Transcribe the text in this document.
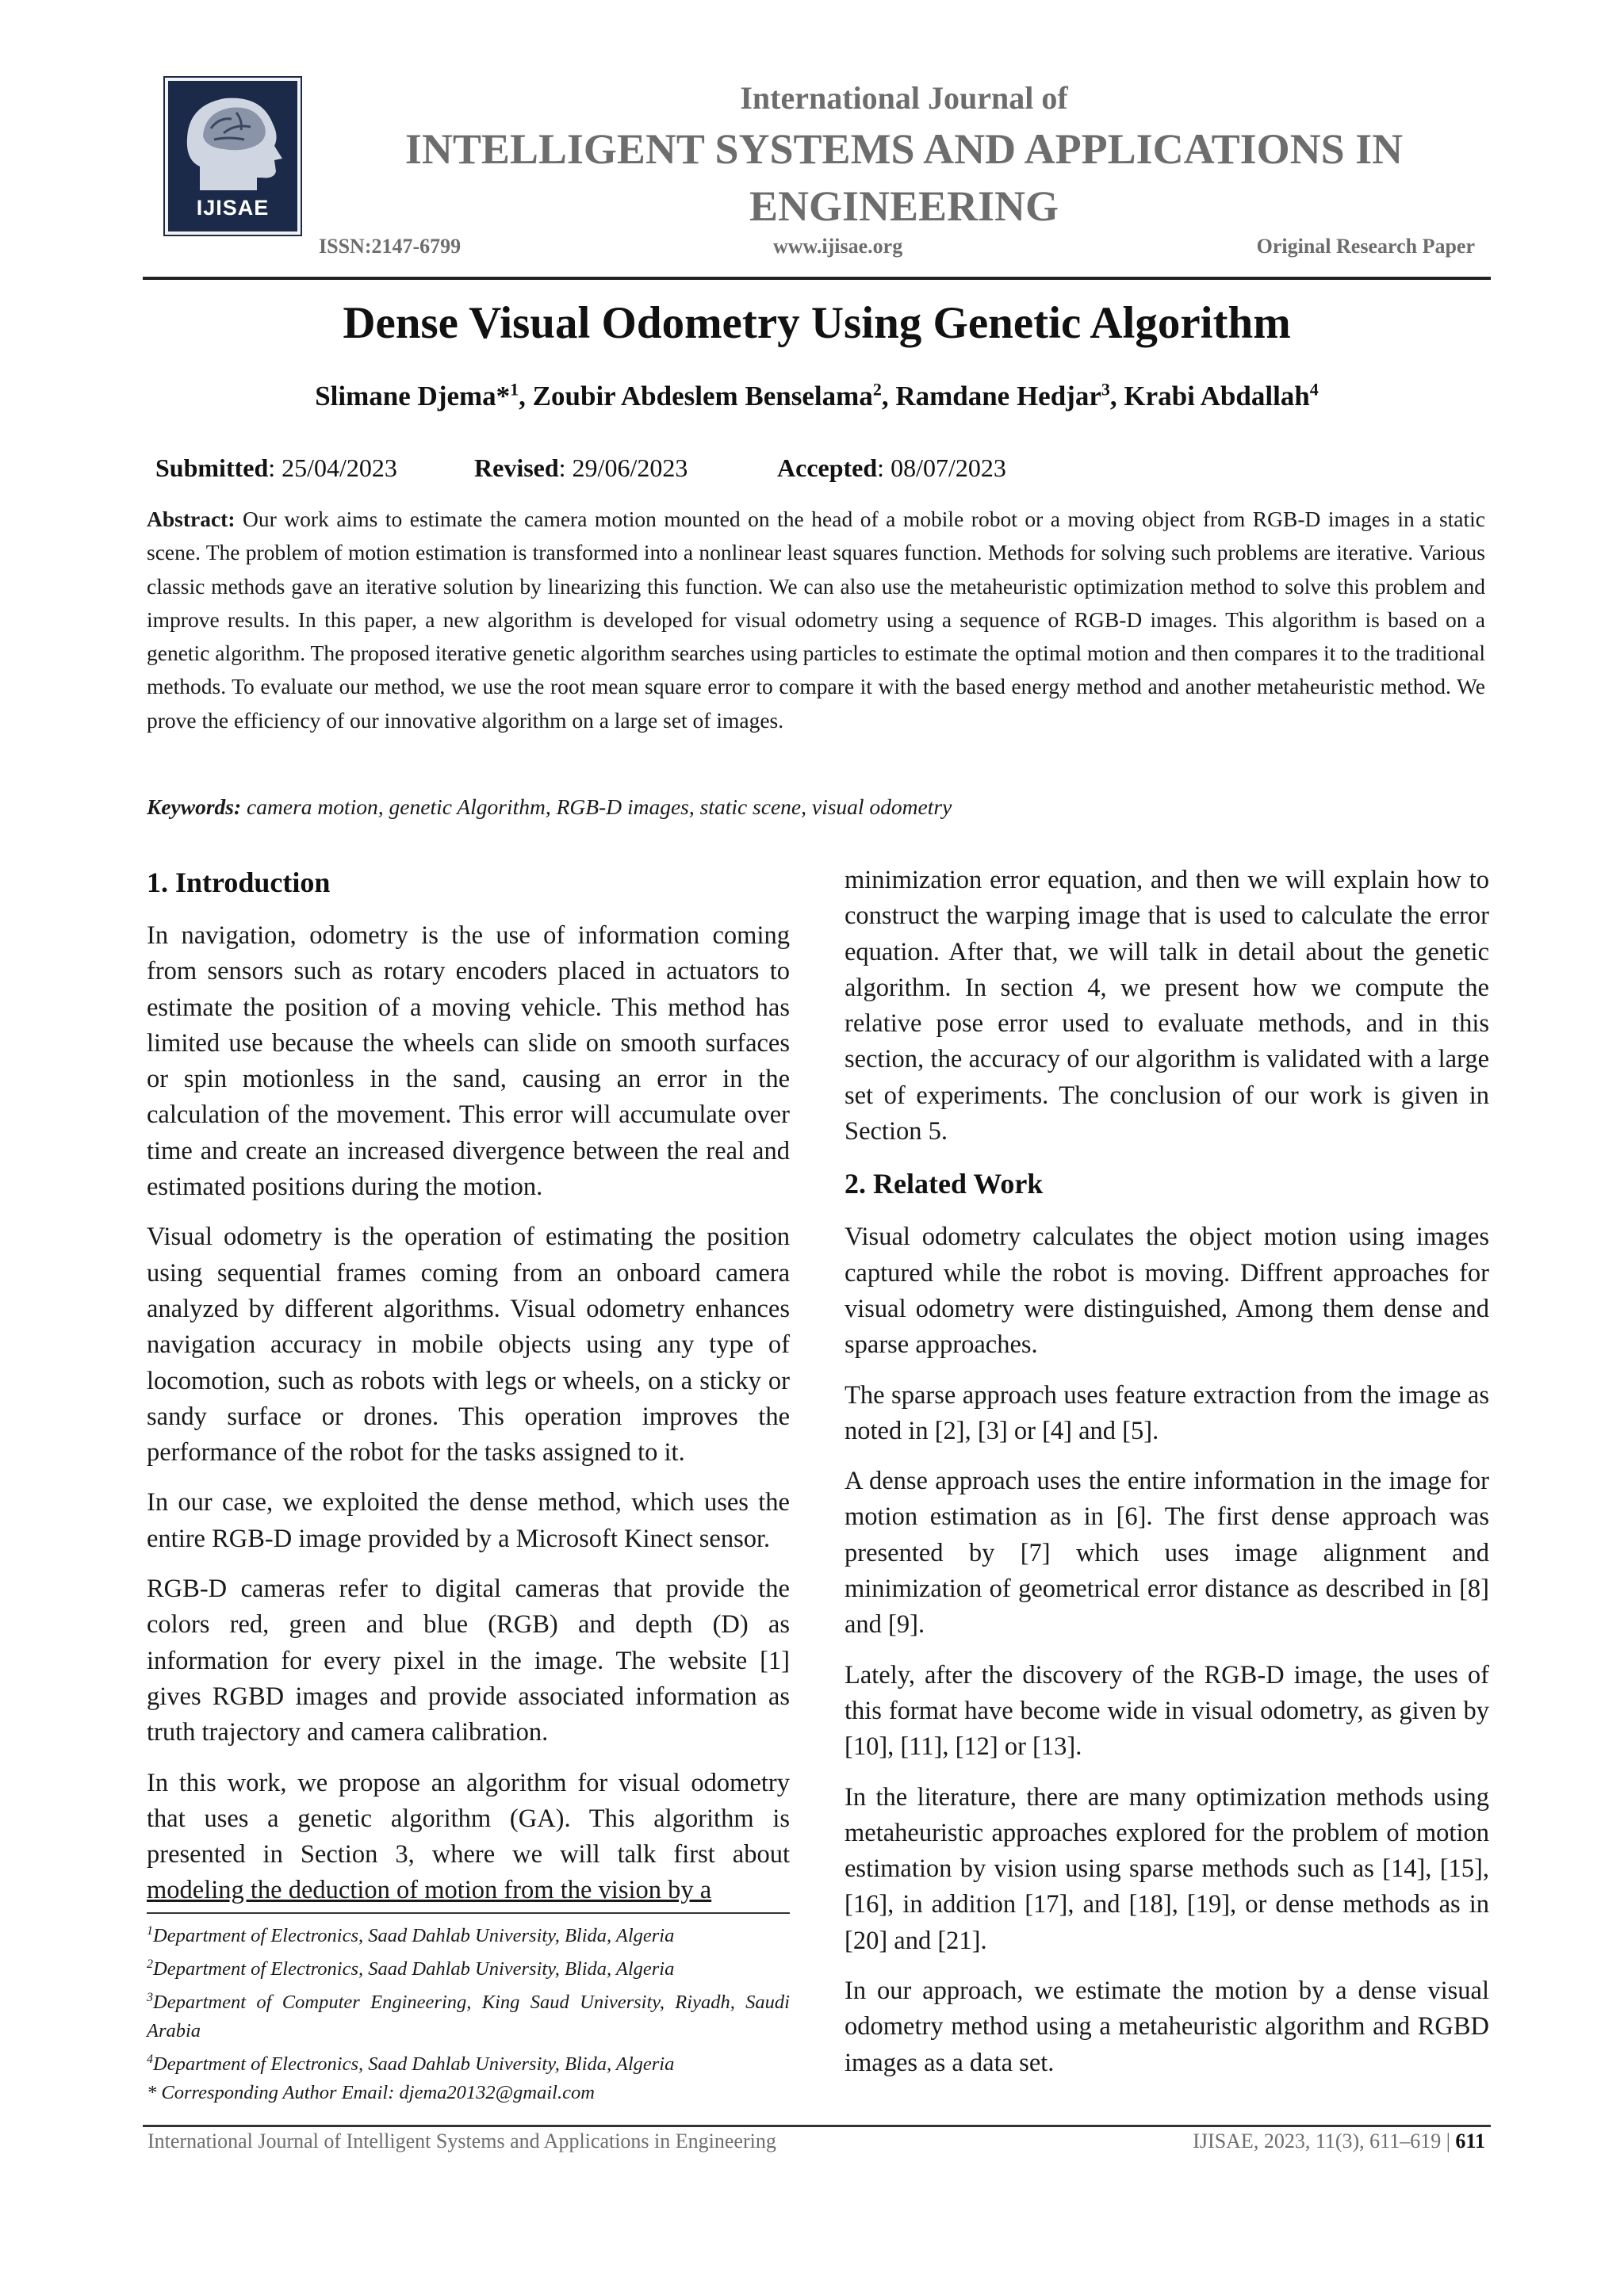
IJISAE
International Journal of
INTELLIGENT SYSTEMS AND APPLICATIONS IN
ENGINEERING
ISSN:2147-6799	www.ijisae.org	Original Research Paper
Dense Visual Odometry Using Genetic Algorithm
Slimane Djema*$^1$, Zoubir Abdeslem Benselama$^2$, Ramdane Hedjar$^3$, Krabi Abdallah$^4$
Submitted: 25/04/2023	Revised: 29/06/2023	Accepted: 08/07/2023
Abstract: Our work aims to estimate the camera motion mounted on the head of a mobile robot or a moving object from RGB-D images in a static scene. The problem of motion estimation is transformed into a nonlinear least squares function. Methods for solving such problems are iterative. Various classic methods gave an iterative solution by linearizing this function. We can also use the metaheuristic optimization method to solve this problem and improve results. In this paper, a new algorithm is developed for visual odometry using a sequence of RGB-D images. This algorithm is based on a genetic algorithm. The proposed iterative genetic algorithm searches using particles to estimate the optimal motion and then compares it to the traditional methods. To evaluate our method, we use the root mean square error to compare it with the based energy method and another metaheuristic method. We prove the efficiency of our innovative algorithm on a large set of images.
Keywords: camera motion, genetic Algorithm, RGB-D images, static scene, visual odometry
1. Introduction

In navigation, odometry is the use of information coming from sensors such as rotary encoders placed in actuators to estimate the position of a moving vehicle. This method has limited use because the wheels can slide on smooth surfaces or spin motionless in the sand, causing an error in the calculation of the movement. This error will accumulate over time and create an increased divergence between the real and estimated positions during the motion.

Visual odometry is the operation of estimating the position using sequential frames coming from an onboard camera analyzed by different algorithms. Visual odometry enhances navigation accuracy in mobile objects using any type of locomotion, such as robots with legs or wheels, on a sticky or sandy surface or drones. This operation improves the performance of the robot for the tasks assigned to it.

In our case, we exploited the dense method, which uses the entire RGB-D image provided by a Microsoft Kinect sensor.

RGB-D cameras refer to digital cameras that provide the colors red, green and blue (RGB) and depth (D) as information for every pixel in the image. The website [1] gives RGBD images and provide associated information as truth trajectory and camera calibration.

In this work, we propose an algorithm for visual odometry that uses a genetic algorithm (GA). This algorithm is presented in Section 3, where we will talk first about modeling the deduction of motion from the vision by a

$^1$Department of Electronics, Saad Dahlab University, Blida, Algeria
$^2$Department of Electronics, Saad Dahlab University, Blida, Algeria
$^3$Department of Computer Engineering, King Saud University, Riyadh, Saudi Arabia
$^4$Department of Electronics, Saad Dahlab University, Blida, Algeria
* Corresponding Author Email: djema20132@gmail.com

minimization error equation, and then we will explain how to construct the warping image that is used to calculate the error equation. After that, we will talk in detail about the genetic algorithm. In section 4, we present how we compute the relative pose error used to evaluate methods, and in this section, the accuracy of our algorithm is validated with a large set of experiments. The conclusion of our work is given in Section 5.

2. Related Work

Visual odometry calculates the object motion using images captured while the robot is moving. Diffrent approaches for visual odometry were distinguished, Among them dense and sparse approaches.

The sparse approach uses feature extraction from the image as noted in [2], [3] or [4] and [5].

A dense approach uses the entire information in the image for motion estimation as in [6]. The first dense approach was presented by [7] which uses image alignment and minimization of geometrical error distance as described in [8] and [9].

Lately, after the discovery of the RGB-D image, the uses of this format have become wide in visual odometry, as given by [10], [11], [12] or [13].

In the literature, there are many optimization methods using metaheuristic approaches explored for the problem of motion estimation by vision using sparse methods such as [14], [15], [16], in addition [17], and [18], [19], or dense methods as in [20] and [21].

In our approach, we estimate the motion by a dense visual odometry method using a metaheuristic algorithm and RGBD images as a data set.

International Journal of Intelligent Systems and Applications in Engineering	IJISAE, 2023, 11(3), 611–619 | 611
